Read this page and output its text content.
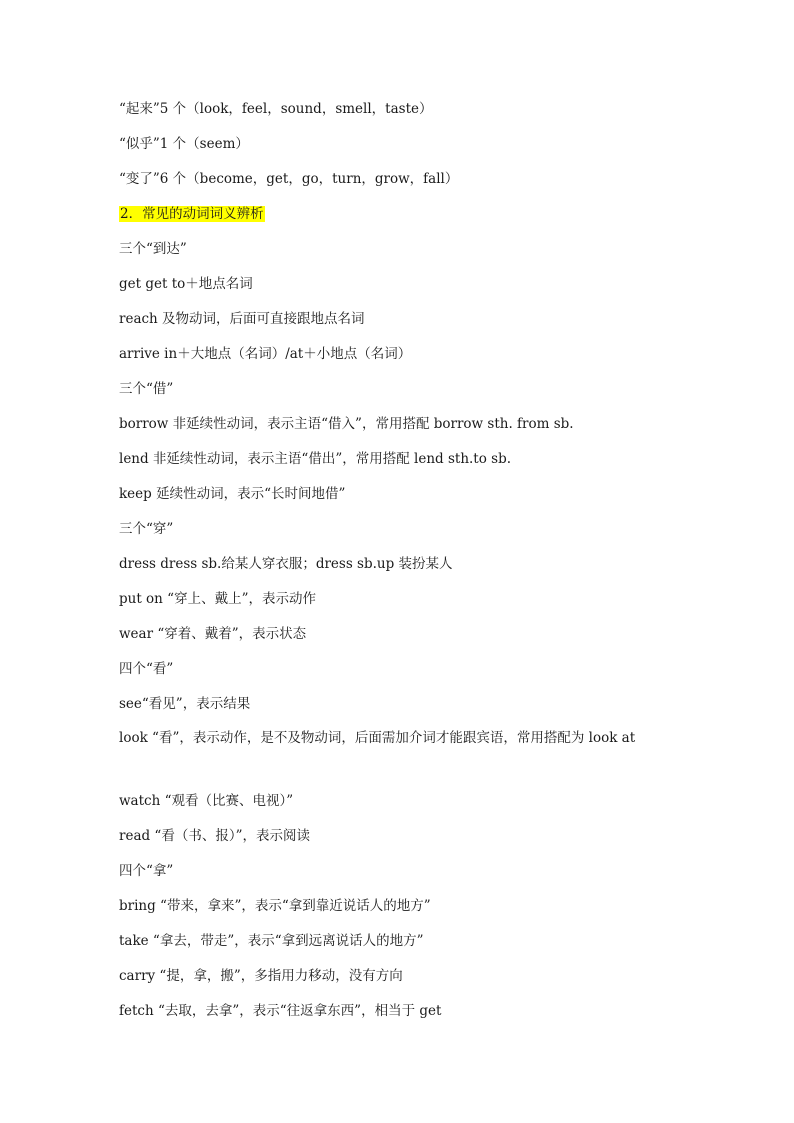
“起来”5 个（look，feel，sound，smell，taste）
“似乎”1 个（seem）
“变了”6 个（become，get，go，turn，grow，fall）
2．常见的动词词义辨析
三个“到达”
get get to＋地点名词
reach 及物动词，后面可直接跟地点名词
arrive in＋大地点（名词）/at＋小地点（名词）
三个“借”
borrow 非延续性动词，表示主语“借入”，常用搭配 borrow sth. from sb.
lend 非延续性动词，表示主语“借出”，常用搭配 lend sth.to sb.
keep 延续性动词，表示“长时间地借”
三个“穿”
dress dress sb.给某人穿衣服；dress sb.up 装扮某人
put on “穿上、戴上”，表示动作
wear “穿着、戴着”，表示状态
四个“看”
see“看见”，表示结果
look “看”，表示动作，是不及物动词，后面需加介词才能跟宾语，常用搭配为 look at
watch “观看（比赛、电视）”
read “看（书、报）”，表示阅读
四个“拿”
bring “带来，拿来”，表示“拿到靠近说话人的地方”
take “拿去，带走”，表示“拿到远离说话人的地方”
carry “提，拿，搬”，多指用力移动，没有方向
fetch “去取，去拿”，表示“往返拿东西”，相当于 get
